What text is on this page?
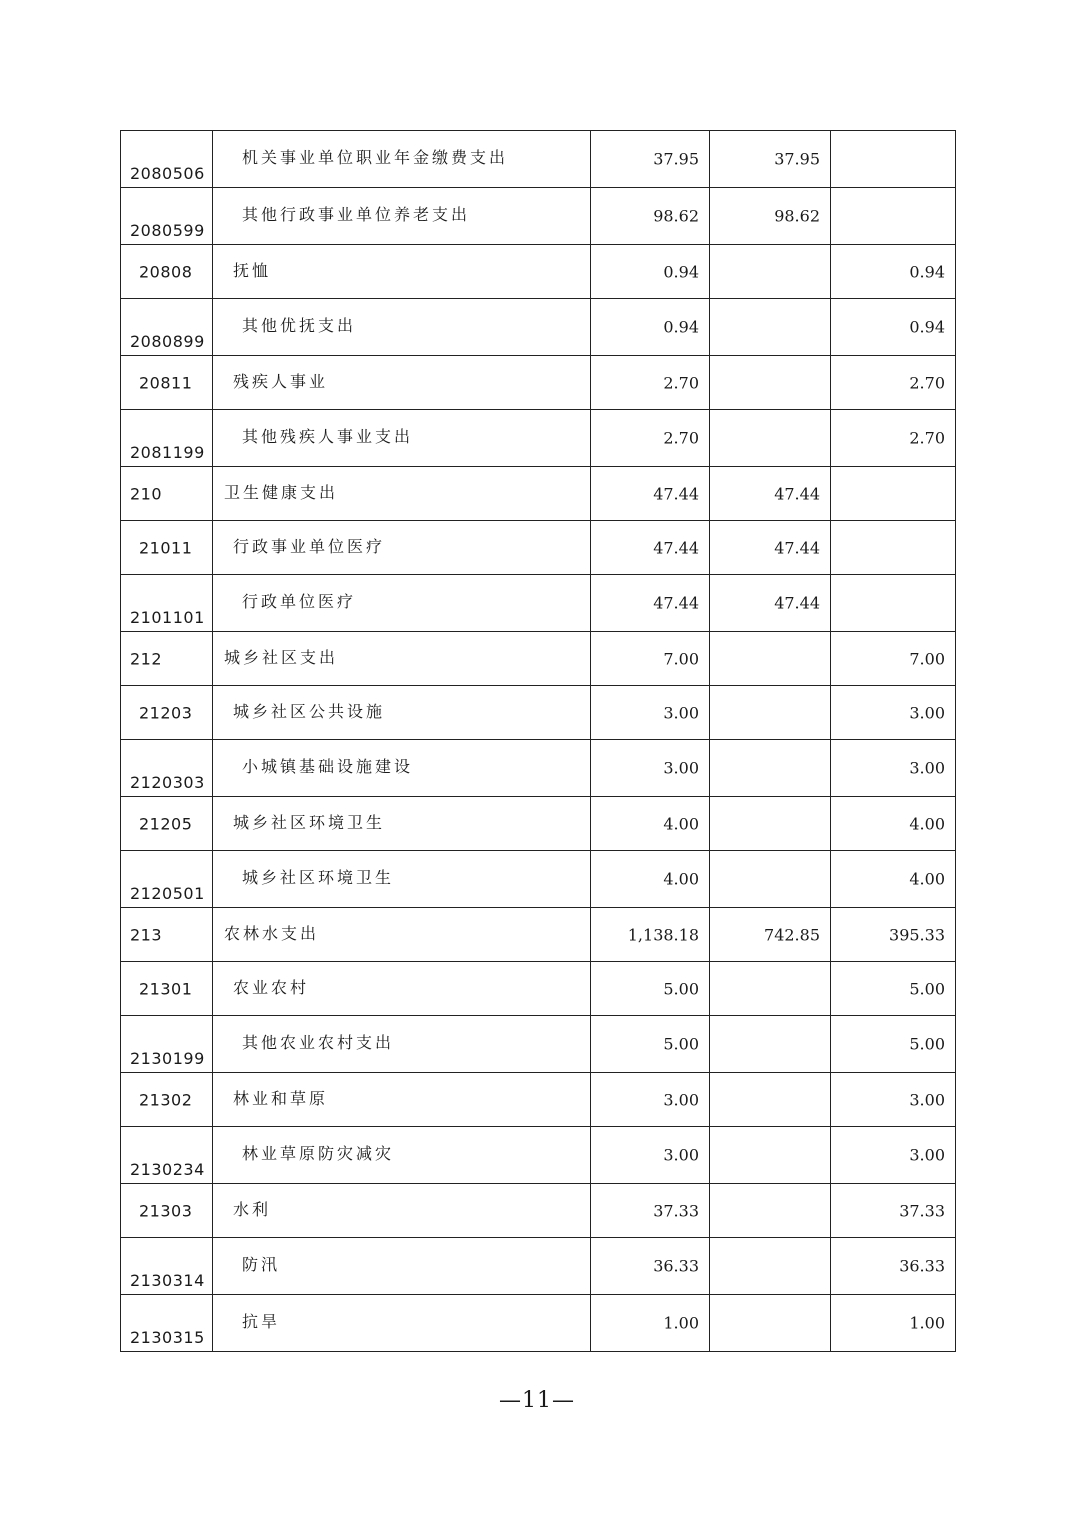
2080506	机关事业单位职业年金缴费支出	37.95	37.95	

2080599	其他行政事业单位养老支出	98.62	98.62	

20808	抚恤	0.94		0.94

2080899	其他优抚支出	0.94		0.94

20811	残疾人事业	2.70		2.70

2081199	其他残疾人事业支出	2.70		2.70

210	卫生健康支出	47.44	47.44	

21011	行政事业单位医疗	47.44	47.44	

2101101	行政单位医疗	47.44	47.44	

212	城乡社区支出	7.00		7.00

21203	城乡社区公共设施	3.00		3.00

2120303	小城镇基础设施建设	3.00		3.00

21205	城乡社区环境卫生	4.00		4.00

2120501	城乡社区环境卫生	4.00		4.00

213	农林水支出	1,138.18	742.85	395.33

21301	农业农村	5.00		5.00

2130199	其他农业农村支出	5.00		5.00

21302	林业和草原	3.00		3.00

2130234	林业草原防灾减灾	3.00		3.00

21303	水利	37.33		37.33

2130314	防汛	36.33		36.33

2130315	抗旱	1.00		1.00
—11—
